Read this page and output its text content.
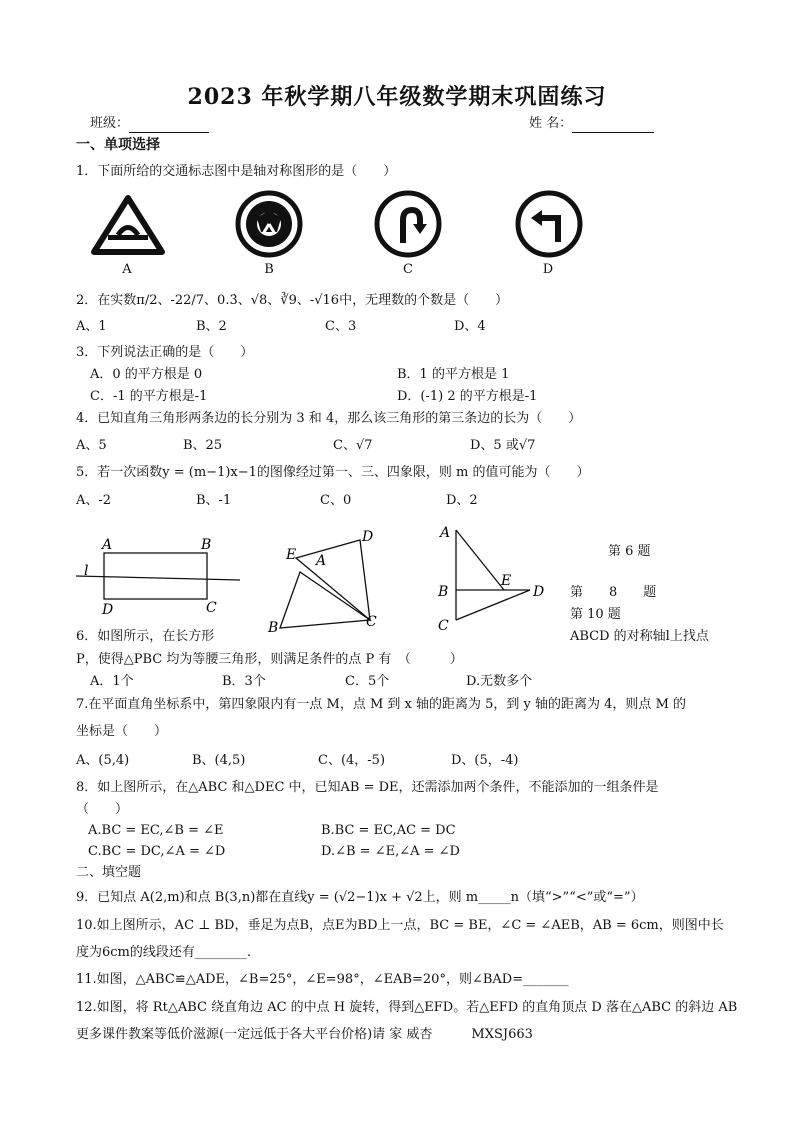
2023 年秋学期八年级数学期末巩固练习
班级：	姓 名：
一、单项选择
1．下面所给的交通标志图中是轴对称图形的是（　　）
A	B	C	D
2．在实数π/2、-22/7、0.3̇、√8、∛9、-√16中，无理数的个数是（　　）
A、1	B、2	C、3	D、4
3．下列说法正确的是（　　）
A．0 的平方根是 0	B．1 的平方根是 1
C．-1 的平方根是-1	D．(-1) 2 的平方根是-1
4．已知直角三角形两条边的长分别为 3 和 4，那么该三角形的第三条边的长为（　　）
A、5	B、25	C、√7	D、5 或√7
5．若一次函数y = (m−1)x−1的图像经过第一、三、四象限，则 m 的值可能为（　　）
A、-2	B、-1	C、0	D、2
A	B
D	C
l
E A
D
B	C
A
B
E
D
C
第 6 题
第　　8　　题
第 10 题
6．如图所示，在长方形	ABCD 的对称轴l上找点
P，使得△PBC 均为等腰三角形，则满足条件的点 P 有　（　　　）
A．1个	B．3个	C．5个	D.无数多个
7.在平面直角坐标系中，第四象限内有一点 M，点 M 到 x 轴的距离为 5，到 y 轴的距离为 4，则点 M 的
坐标是（　　）
A、(5,4)	B、(4,5)	C、(4，-5)	D、(5，-4)
8．如上图所示，在△ABC 和△DEC 中，已知AB = DE，还需添加两个条件，不能添加的一组条件是
（　　）
A.BC = EC,∠B = ∠E	B.BC = EC,AC = DC
C.BC = DC,∠A = ∠D	D.∠B = ∠E,∠A = ∠D
二、填空题
9．已知点 A(2,m)和点 B(3,n)都在直线y = (√2−1)x + √2上，则 m_____n（填“>”“<”或“=”）
10.如上图所示，AC ⊥ BD，垂足为点B，点E为BD上一点，BC = BE，∠C = ∠AEB，AB = 6cm，则图中长
度为6cm的线段还有________.
11.如图，△ABC≌△ADE，∠B=25°，∠E=98°，∠EAB=20°，则∠BAD=_______
12.如图，将 Rt△ABC 绕直角边 AC 的中点 H 旋转，得到△EFD。若△EFD 的直角顶点 D 落在△ABC 的斜边 AB
更多课件教案等低价滋源(一定远低于各大平台价格)请 家 威杏　　　MXSJ663
